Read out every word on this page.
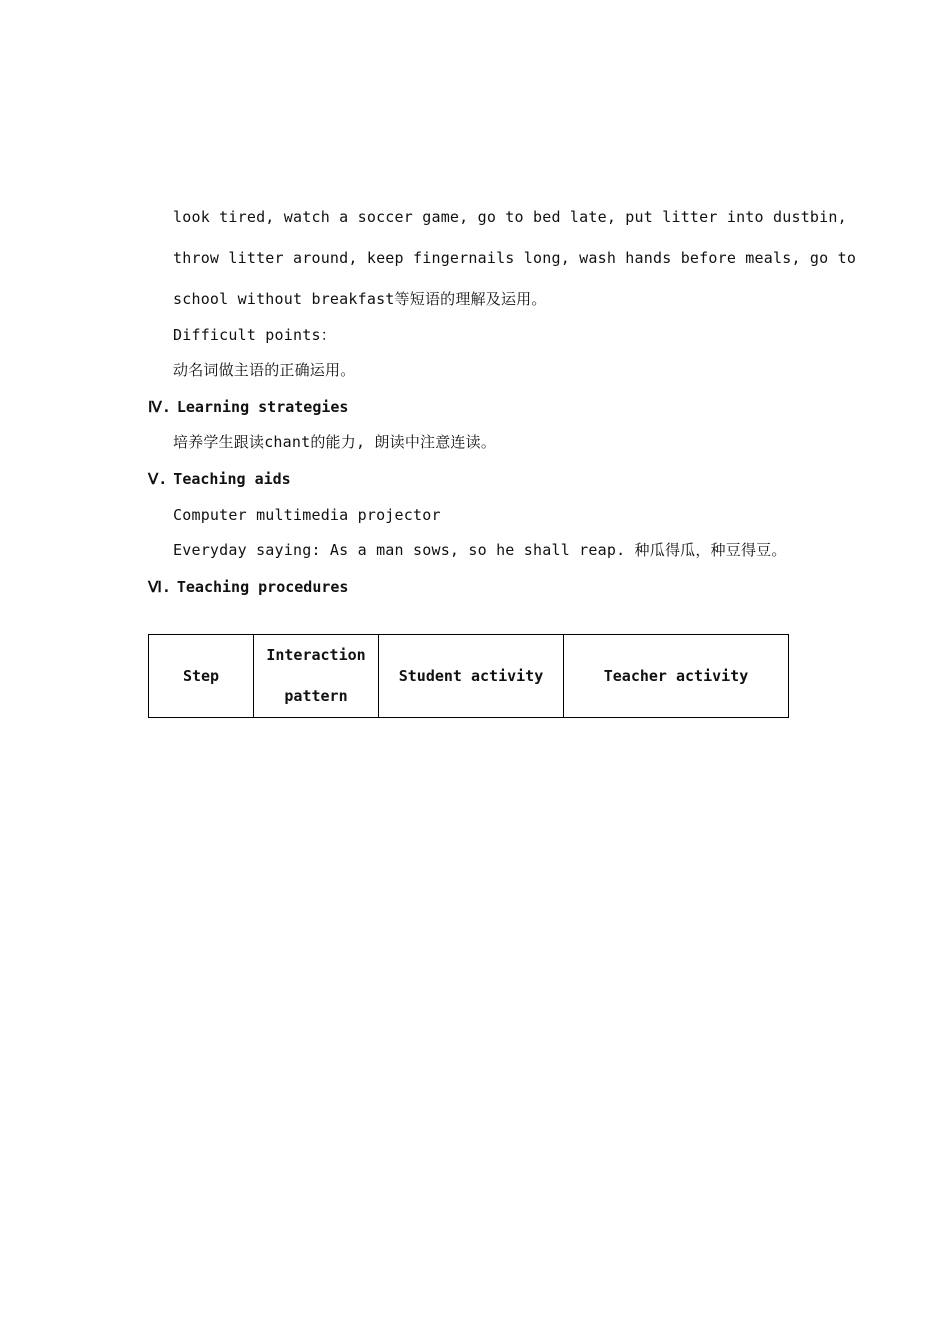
look tired, watch a soccer game, go to bed late, put litter into dustbin,
throw litter around, keep fingernails long, wash hands before meals, go to
school without breakfast等短语的理解及运用。
Difficult points：
动名词做主语的正确运用。
Ⅳ. Learning strategies
培养学生跟读chant的能力, 朗读中注意连读。
Ⅴ. Teaching aids
Computer multimedia projector
Everyday saying: As a man sows, so he shall reap. 种瓜得瓜，种豆得豆。
Ⅵ. Teaching procedures
Step	Interaction pattern	Student activity	Teacher activity
